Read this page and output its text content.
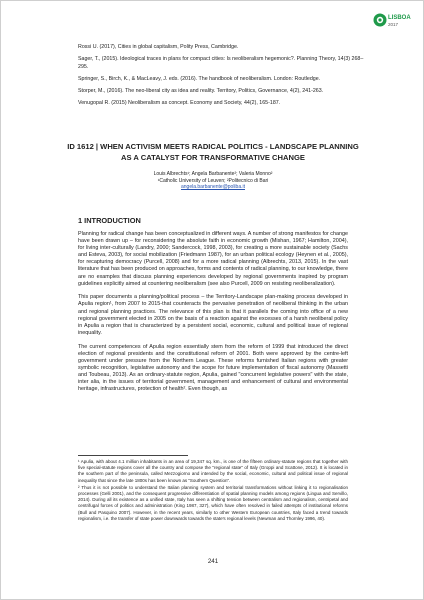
LISBOA
2017

Rossi U. (2017), Cities in global capitalism, Polity Press, Cambridge.

Sager, T., (2015). Ideological traces in plans for compact cities: Is neoliberalism hegemonic?. Planning Theory, 14(3) 268–295.

Springer, S., Birch, K., & MacLeavy, J. eds. (2016). The handbook of neoliberalism. London: Routledge.

Storper, M., (2016). The neo-liberal city as idea and reality. Territory, Politics, Governance, 4(2), 241-263.

Venugopal R. (2015) Neoliberalism as concept. Economy and Society, 44(2), 165-187.

ID 1612 | WHEN ACTIVISM MEETS RADICAL POLITICS - LANDSCAPE PLANNING AS A CATALYST FOR TRANSFORMATIVE CHANGE
Louis Albrechts¹; Angela Barbanente²; Valeria Monno²
¹Catholic University of Leuven; ²Politecnico di Bari
angela.barbanente@poliba.it
1 INTRODUCTION

Planning for radical change has been conceptualized in different ways. A number of strong manifestos for change have been drawn up – for reconsidering the absolute faith in economic growth (Mishan, 1967; Hamilton, 2004), for living inter-culturally (Landry, 2000; Sandercock, 1998, 2003), for creating a more sustainable society (Sachs and Esteva, 2003), for social mobilization (Friedmann 1987), for an urban political ecology (Heynen et al., 2005), for recapturing democracy (Purcell, 2008) and for a more radical planning (Albrechts, 2013, 2015). In the vast literature that has been produced on approaches, forms and contents of radical planning, to our knowledge, there are no examples that discuss planning experiences developed by regional governments inspired by program guidelines explicitly aimed at countering neoliberalism (see also Purcell, 2009 on resisting neoliberalization).

This paper documents a planning/political process – the Territory-Landscape plan-making process developed in Apulia region¹, from 2007 to 2015-that counteracts the pervasive penetration of neoliberal thinking in the urban and regional planning practices. The relevance of this plan is that it parallels the coming into office of a new regional government elected in 2005 on the basis of a reaction against the excesses of a harsh neoliberal policy in Apulia a region that is characterized by a persistent social, economic, cultural and political issue of regional inequality.

The current competences of Apulia region essentially stem from the reform of 1999 that introduced the direct election of regional presidents and the constitutional reform of 2001. Both were approved by the centre-left government under pressure from the Northern League. These reforms furnished Italian regions with greater symbolic recognition, legislative autonomy and the scope for future implementation of fiscal autonomy (Massetti and Toubeau, 2013). As an ordinary-statute region, Apulia, gained "concurrent legislative powers" with the state, inter alia, in the issues of territorial government, management and enhancement of cultural and environmental heritage, infrastructures, protection of health². Even though, as

¹ Apulia, with about 4.1 million inhabitants in an area of 19,347 sq. km., is one of the fifteen ordinary-statute regions that together with five special-statute regions cover all the country and compose the "regional state" of Italy (Groppi and Scattone, 2012). It is located in the southern part of the peninsula, called Mezzogiorno and intended by the social, economic, cultural and political issue of regional inequality that since the late 1800s has been known as "Southern Question".

² Thus it is not possible to understand the Italian planning system and territorial transformations without linking it to regionalisation processes (Gelli 2001), and the consequent progressive differentiation of spatial planning models among regions (Lingua and Servillo, 2014). During all its existence as a unified state, Italy has seen a shifting tension between centralism and regionalism, centripetal and centrifugal forces of politics and administration (King 1987, 327), which have often resolved in failed attempts of institutional reforms (Bull and Pasquino 2007). However, in the recent years, similarly to other Western European countries, Italy faced a trend towards regionalism, i.e. the transfer of state power downwards towards the state's regional levels (Newman and Thornley 1996, 40).

241
